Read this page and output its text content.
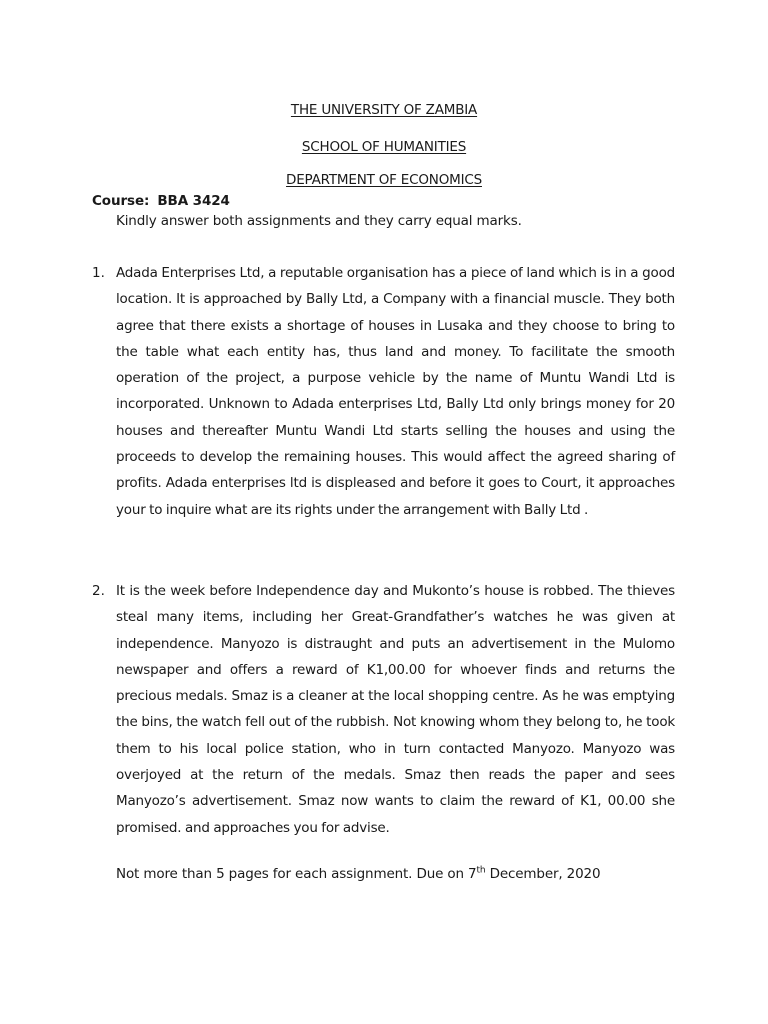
THE UNIVERSITY OF ZAMBIA
SCHOOL OF HUMANITIES
DEPARTMENT OF ECONOMICS
Course: BBA 3424
Kindly answer both assignments and they carry equal marks.
1. Adada Enterprises Ltd, a reputable organisation has a piece of land which is in a good location. It is approached by Bally Ltd, a Company with a financial muscle. They both agree that there exists a shortage of houses in Lusaka and they choose to bring to the table what each entity has, thus land and money. To facilitate the smooth operation of the project, a purpose vehicle by the name of Muntu Wandi Ltd is incorporated. Unknown to Adada enterprises Ltd, Bally Ltd only brings money for 20 houses and thereafter Muntu Wandi Ltd starts selling the houses and using the proceeds to develop the remaining houses. This would affect the agreed sharing of profits. Adada enterprises ltd is displeased and before it goes to Court, it approaches your to inquire what are its rights under the arrangement with Bally Ltd .
2. It is the week before Independence day and Mukonto’s house is robbed. The thieves steal many items, including her Great-Grandfather’s watches he was given at independence. Manyozo is distraught and puts an advertisement in the Mulomo newspaper and offers a reward of K1,00.00 for whoever finds and returns the precious medals. Smaz is a cleaner at the local shopping centre. As he was emptying the bins, the watch fell out of the rubbish. Not knowing whom they belong to, he took them to his local police station, who in turn contacted Manyozo. Manyozo was overjoyed at the return of the medals. Smaz then reads the paper and sees Manyozo’s advertisement. Smaz now wants to claim the reward of K1, 00.00 she promised. and approaches you for advise.
Not more than 5 pages for each assignment. Due on 7th December, 2020
